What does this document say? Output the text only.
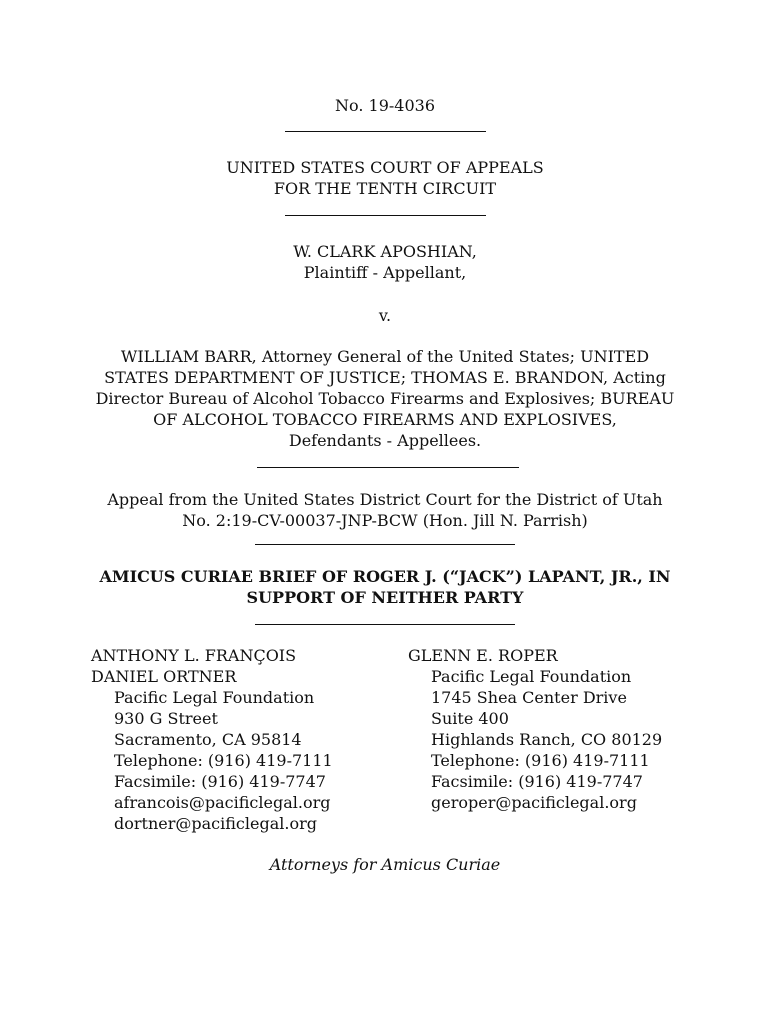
No. 19-4036
UNITED STATES COURT OF APPEALS
FOR THE TENTH CIRCUIT
W. CLARK APOSHIAN,
Plaintiff - Appellant,
v.
WILLIAM BARR, Attorney General of the United States; UNITED
STATES DEPARTMENT OF JUSTICE; THOMAS E. BRANDON, Acting
Director Bureau of Alcohol Tobacco Firearms and Explosives; BUREAU
OF ALCOHOL TOBACCO FIREARMS AND EXPLOSIVES,
Defendants - Appellees.
Appeal from the United States District Court for the District of Utah
No. 2:19-CV-00037-JNP-BCW (Hon. Jill N. Parrish)
AMICUS CURIAE BRIEF OF ROGER J. (“JACK”) LAPANT, JR., IN
SUPPORT OF NEITHER PARTY
ANTHONY L. FRANÇOIS
DANIEL ORTNER
Pacific Legal Foundation
930 G Street
Sacramento, CA 95814
Telephone: (916) 419-7111
Facsimile: (916) 419-7747
afrancois@pacificlegal.org
dortner@pacificlegal.org
GLENN E. ROPER
Pacific Legal Foundation
1745 Shea Center Drive
Suite 400
Highlands Ranch, CO 80129
Telephone: (916) 419-7111
Facsimile: (916) 419-7747
geroper@pacificlegal.org
Attorneys for Amicus Curiae
